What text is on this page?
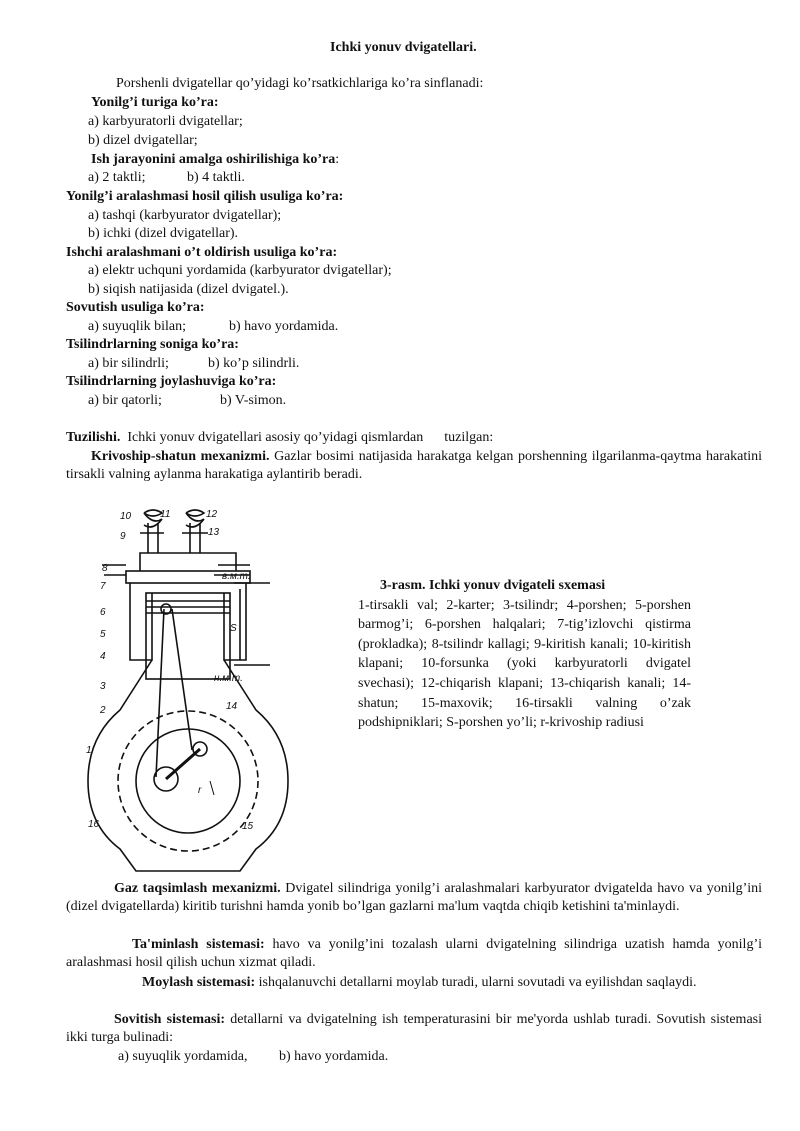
Ichki yonuv dvigatellari.
Porshenli dvigatellar qo’yidagi ko’rsatkichlariga ko’ra sinflanadi:
Yonilg’i turiga ko’ra:
a) karbyuratorli dvigatellar;
b) dizel dvigatellar;
Ish jarayonini amalga oshirilishiga ko’ra:
a) 2 taktli;	b) 4 taktli.
Yonilg’i aralashmasi hosil qilish usuliga ko’ra:
a) tashqi (karbyurator dvigatellar);
b) ichki (dizel dvigatellar).
Ishchi aralashmani o’t oldirish usuliga ko’ra:
a) elektr uchquni yordamida (karbyurator dvigatellar);
b) siqish natijasida (dizel dvigatel.).
Sovutish usuliga ko’ra:
a) suyuqlik bilan;	b) havo yordamida.
Tsilindrlarning soniga ko’ra:
a) bir silindrli;	b) ko’p silindrli.
Tsilindrlarning joylashuviga ko’ra:
a) bir qatorli;	b) V-simon.
Tuzilishi. Ichki yonuv dvigatellari asosiy qo’yidagi qismlardan      tuzilgan:
Krivoship-shatun mexanizmi. Gazlar bosimi natijasida harakatga kelgan porshenning ilgarilanma-qaytma harakatini tirsakli valning aylanma harakatiga aylantirib beradi.
10
9
8
7
6
5
4
3
2
1
16
11	12
13
14
15
в.м.т.
н.м.т.
S
r
3-rasm. Ichki yonuv dvigateli sxemasi
1-tirsakli val; 2-karter; 3-tsilindr; 4-porshen; 5-porshen barmog’i; 6-porshen halqalari; 7-tig’izlovchi qistirma (prokladka); 8-tsilindr kallagi; 9-kiritish kanali; 10-kiritish klapani; 10-forsunka (yoki karbyuratorli dvigatel svechasi); 12-chiqarish klapani; 13-chiqarish kanali; 14-shatun; 15-maxovik; 16-tirsakli valning o’zak podshipniklari; S-porshen yo’li; r-krivoship radiusi
Gaz taqsimlash mexanizmi. Dvigatel silindriga yonilg’i aralashmalari karbyurator dvigatelda havo va yonilg’ini (dizel dvigatellarda) kiritib turishni hamda yonib bo’lgan gazlarni ma'lum vaqtda chiqib ketishini ta'minlaydi.
Ta'minlash sistemasi: havo va yonilg’ini tozalash ularni dvigatelning silindriga uzatish hamda yonilg’i aralashmasi hosil qilish uchun xizmat qiladi.
Moylash sistemasi: ishqalanuvchi detallarni moylab turadi, ularni sovutadi va eyilishdan saqlaydi.
Sovitish sistemasi: detallarni va dvigatelning ish temperaturasini bir me'yorda ushlab turadi. Sovutish sistemasi ikki turga bulinadi:
a) suyuqlik yordamida, b) havo yordamida.
